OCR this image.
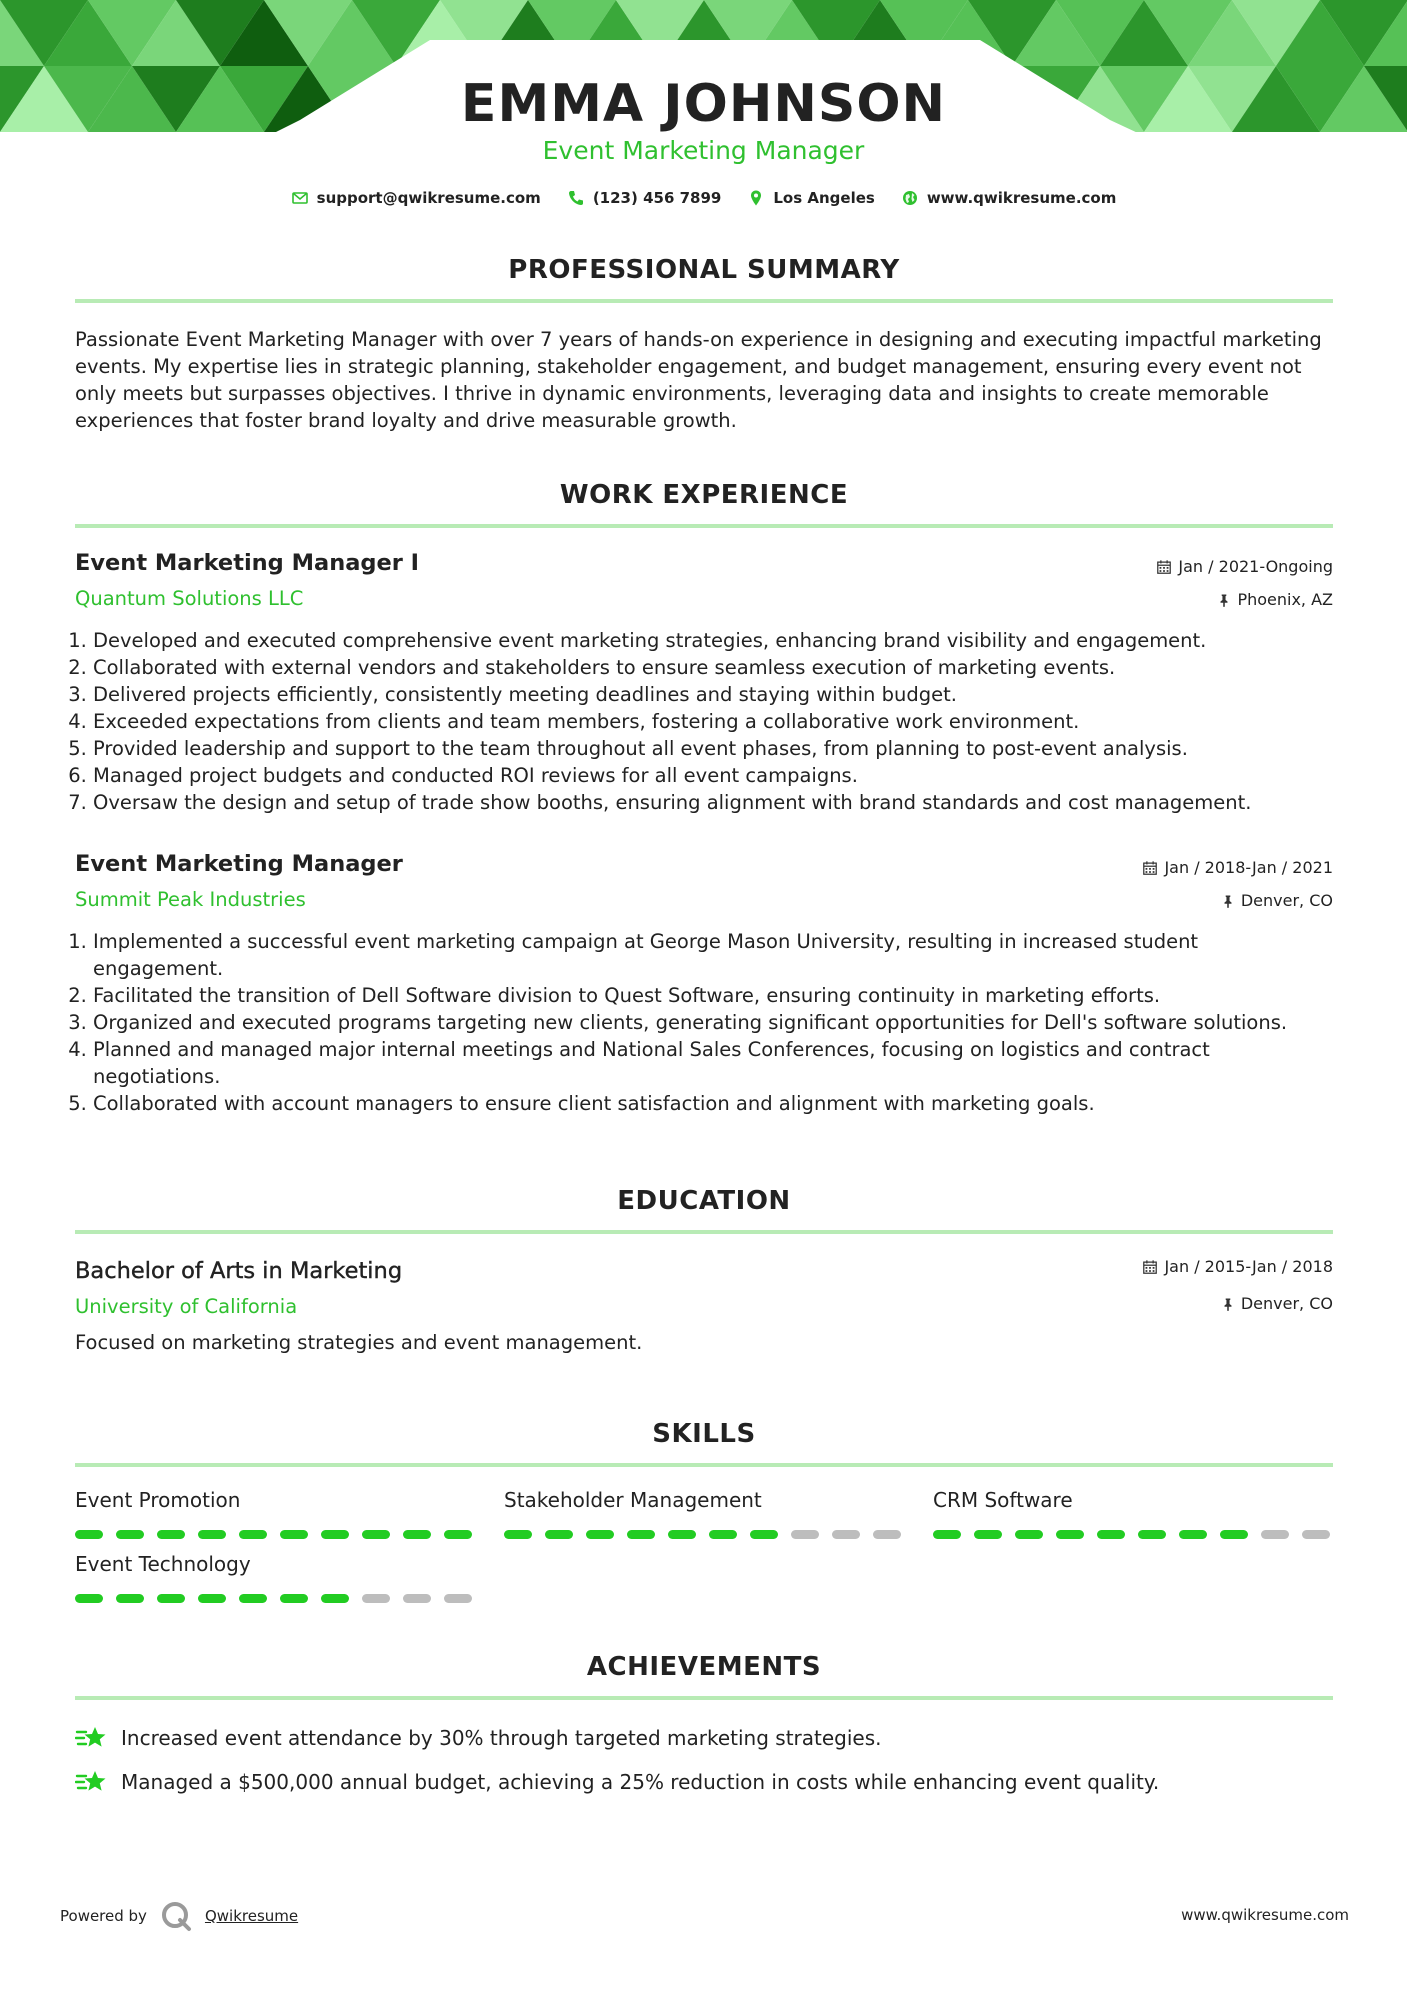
EMMA JOHNSON
Event Marketing Manager
support@qwikresume.com	(123) 456 7899	Los Angeles	www.qwikresume.com
PROFESSIONAL SUMMARY
Passionate Event Marketing Manager with over 7 years of hands-on experience in designing and executing impactful marketing events. My expertise lies in strategic planning, stakeholder engagement, and budget management, ensuring every event not only meets but surpasses objectives. I thrive in dynamic environments, leveraging data and insights to create memorable experiences that foster brand loyalty and drive measurable growth.
WORK EXPERIENCE
Event Marketing Manager I
Quantum Solutions LLC
Jan / 2021-Ongoing
Phoenix, AZ
1. Developed and executed comprehensive event marketing strategies, enhancing brand visibility and engagement.
2. Collaborated with external vendors and stakeholders to ensure seamless execution of marketing events.
3. Delivered projects efficiently, consistently meeting deadlines and staying within budget.
4. Exceeded expectations from clients and team members, fostering a collaborative work environment.
5. Provided leadership and support to the team throughout all event phases, from planning to post-event analysis.
6. Managed project budgets and conducted ROI reviews for all event campaigns.
7. Oversaw the design and setup of trade show booths, ensuring alignment with brand standards and cost management.
Event Marketing Manager
Summit Peak Industries
Jan / 2018-Jan / 2021
Denver, CO
1. Implemented a successful event marketing campaign at George Mason University, resulting in increased student engagement.
2. Facilitated the transition of Dell Software division to Quest Software, ensuring continuity in marketing efforts.
3. Organized and executed programs targeting new clients, generating significant opportunities for Dell's software solutions.
4. Planned and managed major internal meetings and National Sales Conferences, focusing on logistics and contract negotiations.
5. Collaborated with account managers to ensure client satisfaction and alignment with marketing goals.
EDUCATION
Bachelor of Arts in Marketing
University of California
Jan / 2015-Jan / 2018
Denver, CO
Focused on marketing strategies and event management.
SKILLS
Event Promotion	Stakeholder Management	CRM Software
Event Technology
ACHIEVEMENTS
Increased event attendance by 30% through targeted marketing strategies.
Managed a $500,000 annual budget, achieving a 25% reduction in costs while enhancing event quality.
Powered by	Qwikresume	www.qwikresume.com
